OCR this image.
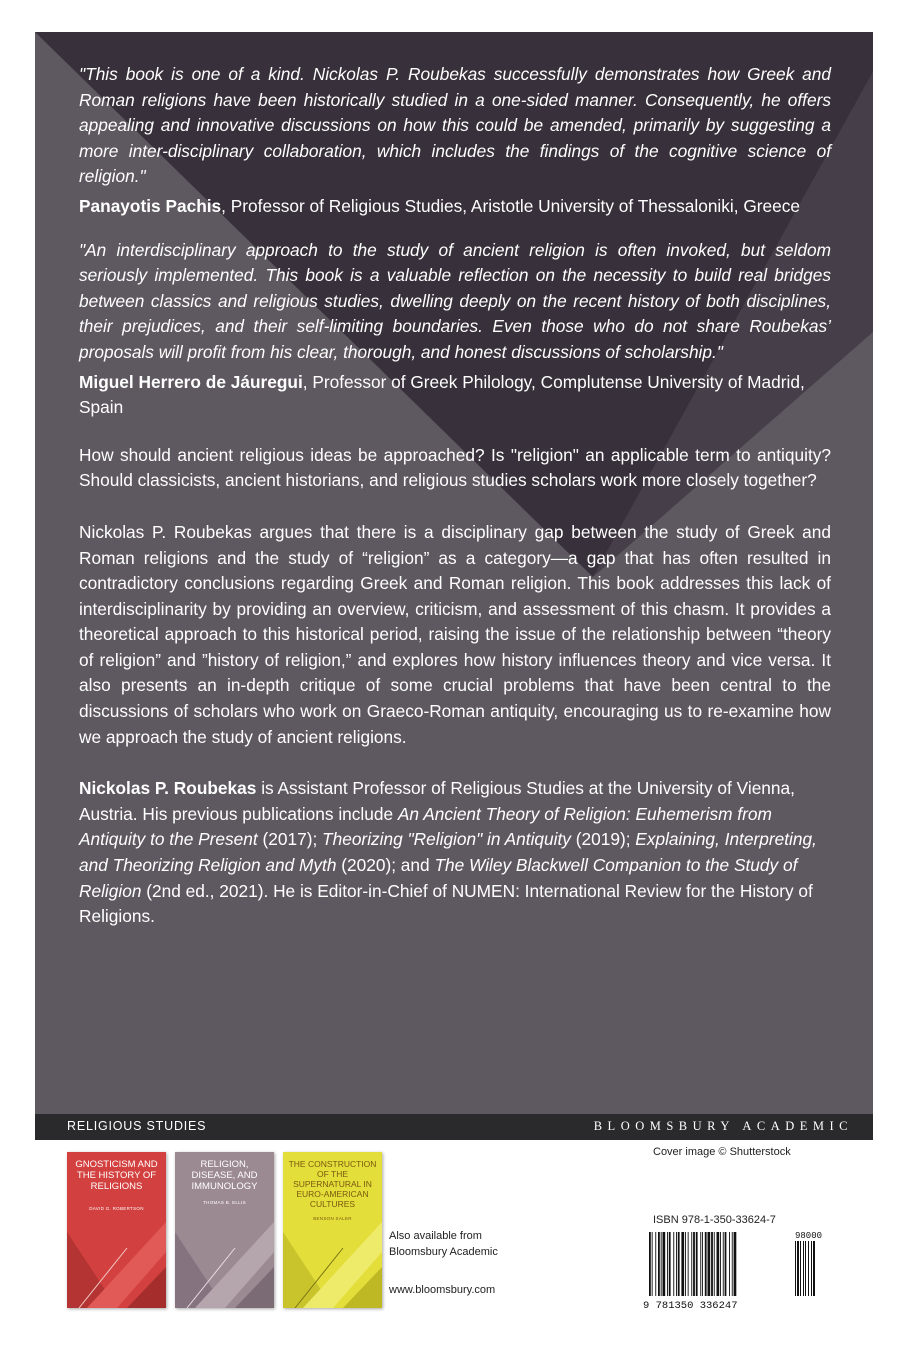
"This book is one of a kind. Nickolas P. Roubekas successfully demonstrates how Greek and Roman religions have been historically studied in a one-sided manner. Consequently, he offers appealing and innovative discussions on how this could be amended, primarily by suggesting a more inter-disciplinary collaboration, which includes the findings of the cognitive science of religion."

Panayotis Pachis, Professor of Religious Studies, Aristotle University of Thessaloniki, Greece

"An interdisciplinary approach to the study of ancient religion is often invoked, but seldom seriously implemented. This book is a valuable reflection on the necessity to build real bridges between classics and religious studies, dwelling deeply on the recent history of both disciplines, their prejudices, and their self-limiting boundaries. Even those who do not share Roubekas’ proposals will profit from his clear, thorough, and honest discussions of scholarship."

Miguel Herrero de Jáuregui, Professor of Greek Philology, Complutense University of Madrid, Spain

How should ancient religious ideas be approached? Is "religion" an applicable term to antiquity? Should classicists, ancient historians, and religious studies scholars work more closely together?

Nickolas P. Roubekas argues that there is a disciplinary gap between the study of Greek and Roman religions and the study of “religion” as a category—a gap that has often resulted in contradictory conclusions regarding Greek and Roman religion. This book addresses this lack of interdisciplinarity by providing an overview, criticism, and assessment of this chasm. It provides a theoretical approach to this historical period, raising the issue of the relationship between “theory of religion” and ”history of religion,” and explores how history influences theory and vice versa. It also presents an in-depth critique of some crucial problems that have been central to the discussions of scholars who work on Graeco-Roman antiquity, encouraging us to re-examine how we approach the study of ancient religions.

Nickolas P. Roubekas is Assistant Professor of Religious Studies at the University of Vienna, Austria. His previous publications include An Ancient Theory of Religion: Euhemerism from Antiquity to the Present (2017); Theorizing "Religion" in Antiquity (2019); Explaining, Interpreting, and Theorizing Religion and Myth (2020); and The Wiley Blackwell Companion to the Study of Religion (2nd ed., 2021). He is Editor-in-Chief of NUMEN: International Review for the History of Religions.

RELIGIOUS STUDIES	BLOOMSBURY ACADEMIC
GNOSTICISM AND THE HISTORY OF RELIGIONS
DAVID G. ROBERTSON
RELIGION, DISEASE, AND IMMUNOLOGY
THOMAS B. ELLIS
THE CONSTRUCTION OF THE SUPERNATURAL IN EURO-AMERICAN CULTURES
BENSON SALER
Also available from
Bloomsbury Academic
www.bloomsbury.com
Cover image © Shutterstock
ISBN 978-1-350-33624-7
9 781350 336247
98000
